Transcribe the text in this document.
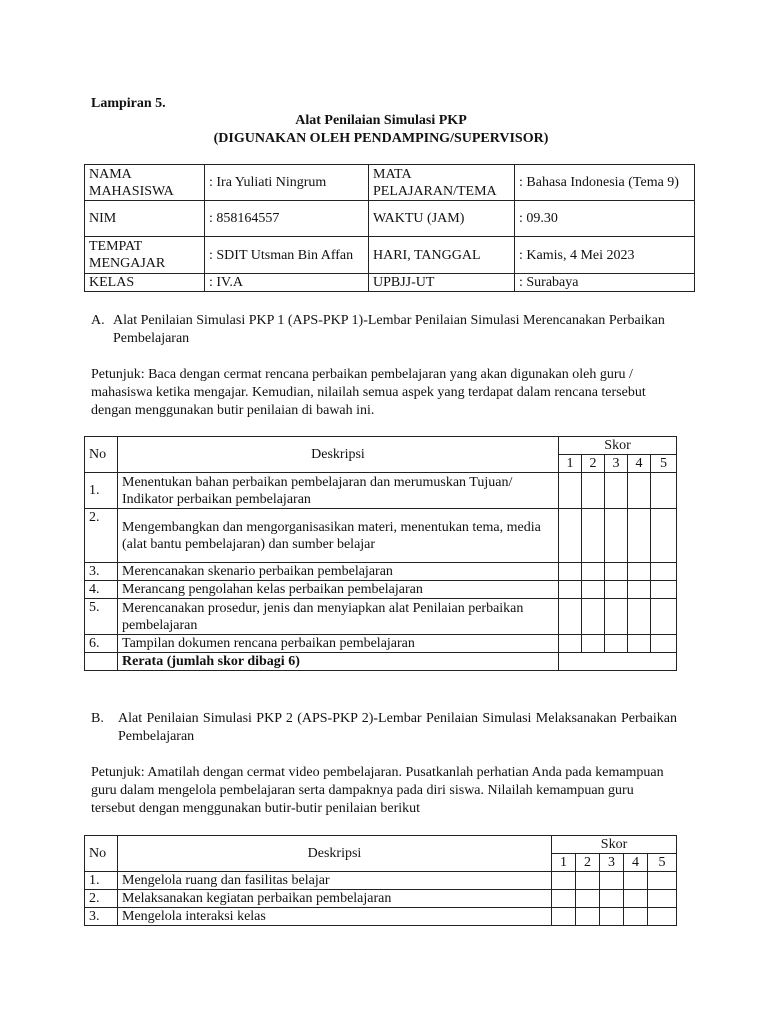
Lampiran 5.
Alat Penilaian Simulasi PKP
(DIGUNAKAN OLEH PENDAMPING/SUPERVISOR)
NAMA MAHASISWA	: Ira Yuliati Ningrum	MATA PELAJARAN/TEMA	: Bahasa Indonesia (Tema 9)
NIM	: 858164557	WAKTU (JAM)	: 09.30
TEMPAT MENGAJAR	: SDIT Utsman Bin Affan	HARI, TANGGAL	: Kamis, 4 Mei 2023
KELAS	: IV.A	UPBJJ-UT	: Surabaya
A. Alat Penilaian Simulasi PKP 1 (APS-PKP 1)-Lembar Penilaian Simulasi Merencanakan Perbaikan Pembelajaran
Petunjuk: Baca dengan cermat rencana perbaikan pembelajaran yang akan digunakan oleh guru / mahasiswa ketika mengajar. Kemudian, nilailah semua aspek yang terdapat dalam rencana tersebut dengan menggunakan butir penilaian di bawah ini.
No	Deskripsi	Skor				
		1	2	3	4	5
1.	Menentukan bahan perbaikan pembelajaran dan merumuskan Tujuan/ Indikator perbaikan pembelajaran					
2.	Mengembangkan dan mengorganisasikan materi, menentukan tema, media (alat bantu pembelajaran) dan sumber belajar					
3.	Merencanakan skenario perbaikan pembelajaran					
4.	Merancang pengolahan kelas perbaikan pembelajaran					
5.	Merencanakan prosedur, jenis dan menyiapkan alat Penilaian perbaikan pembelajaran					
6.	Tampilan dokumen rencana perbaikan pembelajaran					
	Rerata (jumlah skor dibagi 6)					
B. Alat Penilaian Simulasi PKP 2 (APS-PKP 2)-Lembar Penilaian Simulasi Melaksanakan Perbaikan Pembelajaran
Petunjuk: Amatilah dengan cermat video pembelajaran. Pusatkanlah perhatian Anda pada kemampuan guru dalam mengelola pembelajaran serta dampaknya pada diri siswa. Nilailah kemampuan guru tersebut dengan menggunakan butir-butir penilaian berikut
No	Deskripsi	Skor				
		1	2	3	4	5
1.	Mengelola ruang dan fasilitas belajar					
2.	Melaksanakan kegiatan perbaikan pembelajaran					
3.	Mengelola interaksi kelas					
